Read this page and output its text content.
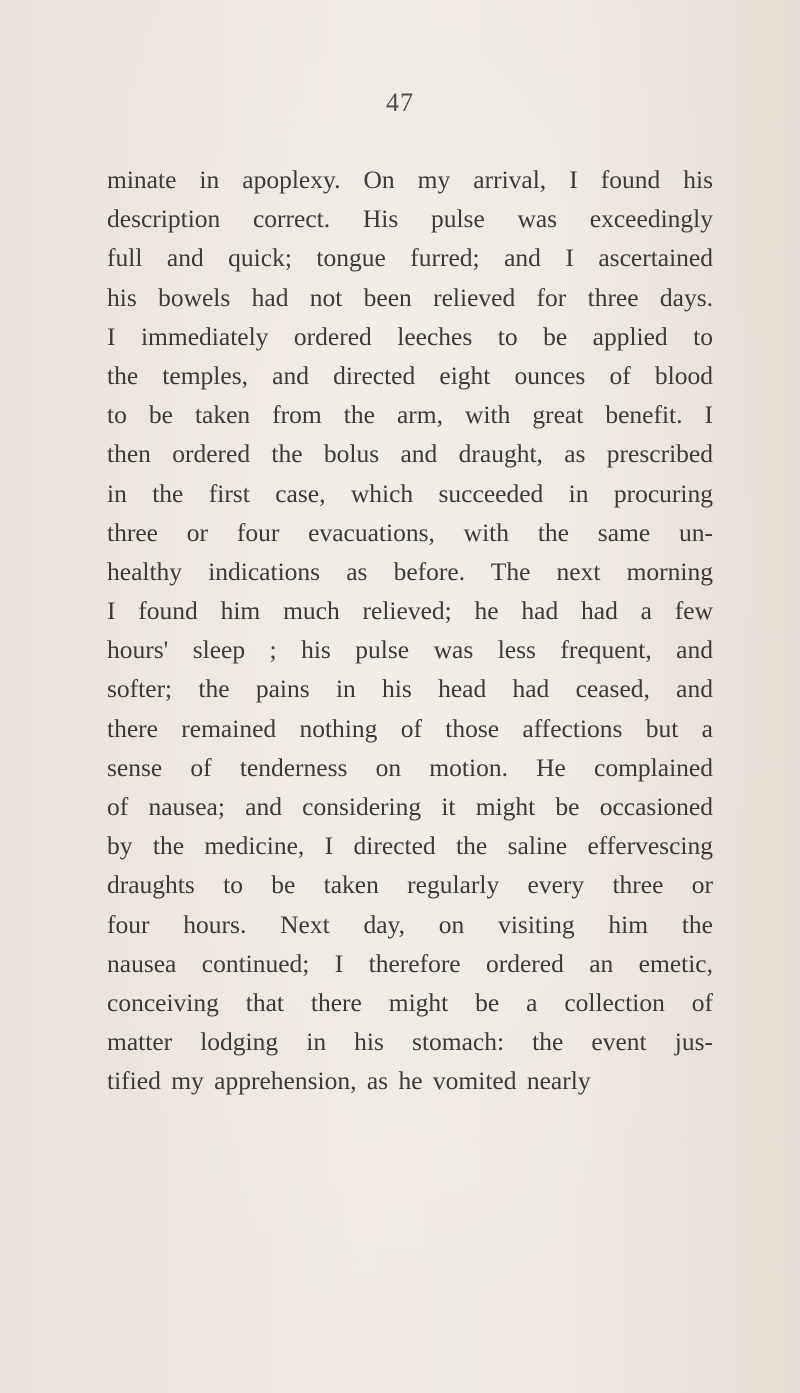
47
minate in apoplexy. On my arrival, I found his
description correct. His pulse was exceedingly
full and quick; tongue furred; and I ascertained
his bowels had not been relieved for three days.
I immediately ordered leeches to be applied to
the temples, and directed eight ounces of blood
to be taken from the arm, with great benefit. I
then ordered the bolus and draught, as prescribed
in the first case, which succeeded in procuring
three or four evacuations, with the same un-
healthy indications as before. The next morning
I found him much relieved; he had had a few
hours' sleep ; his pulse was less frequent, and
softer; the pains in his head had ceased, and
there remained nothing of those affections but a
sense of tenderness on motion. He complained
of nausea; and considering it might be occasioned
by the medicine, I directed the saline effervescing
draughts to be taken regularly every three or
four hours. Next day, on visiting him the
nausea continued; I therefore ordered an emetic,
conceiving that there might be a collection of
matter lodging in his stomach: the event jus-
tified my apprehension, as he vomited nearly
